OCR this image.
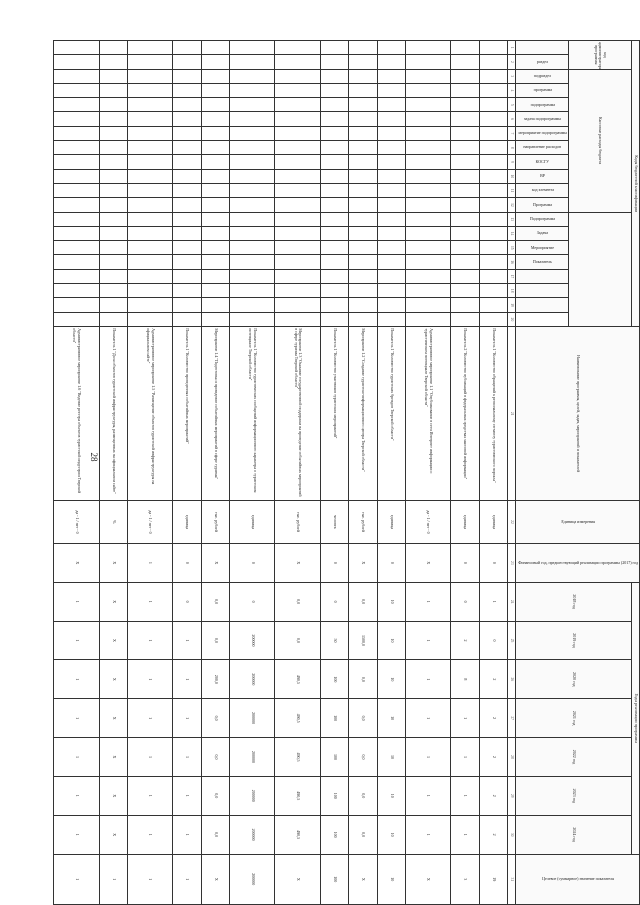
28
Коды бюджетной классификации																				Наименование программы, целей, задач, мероприятий и показателей	Единица измерения	Финансовый год, предшествующий реализации программы (2017) год	Годы реализации программы							Целевое (суммарное) значение показателя
код администратора программы		Кассовые расходы бюджета																					2018 год	2019 год	2020 год	2021 год	2022 год	2023 год	2024 год	
	раздел	подраздел	программа	подпрограмма	задача подпрограммы	мероприятие подпрограммы	направление расходов	КОСГУ	ВР	код элемента	Программа	Подпрограмма	Задача	Мероприятие	Показатель															
1	2	3	4	5	6	7	8	9	10	11	12	13	14	15	16	17	18	19	20	21	22	23	24	25	26	27	28	29	30	31
																				Показатель 1 "Количество обращений к региональному сегменту туристического портала"	единица	0	1	0	2	2	2	2	2	19
																				Показатель 2 "Количество публикаций в федеральных средствах массовой информации"	единица	0	0	2	8	1	1	1	1	3
																				Административное мероприятие 1.1 "Опубликование в сети Интернет информации о туристическом потенциале Тверской области"	да - 1 / нет - 0	Х	1	1	1	1	1	1	1	Х
																				Показатель 1 "Количество туристских брендов Тверской области"	единица	0	10	10	10	10	10	10	10	10
																				Мероприятие 1.2 "Создание туристско-информационного центра Тверской области"	тыс. рублей	Х	0,0	1500,0	0,0	0,0	0,0	0,0	0,0	Х
																				Показатель 1 "Количество участников туристских мероприятий"	человек	0	0	50	100	100	100	100	100	100
																				Мероприятие 1.3 "Оказание государственной поддержки на проведение событийных мероприятий в сфере туризма Тверской области"	тыс. рублей	Х	0,0	0,0	490,5	490,5	490,5	490,5	490,5	Х
																				Показатель 1 "Количество туристических сообщений информационного характера о туристском потенциале Тверской области"	единица	0	0	200000	200000	200000	200000	200000	200000	200000
																				Мероприятие 1.4 "Подготовка и проведение событийных мероприятий в сфере туризма"	тыс. рублей	Х	0,0	0,0	200,0	0,0	0,0	0,0	0,0	Х
																				Показатель 1 "Количество проведенных событийных мероприятий"	единица	0	0	1	1	1	1	1	1	1
																				Административное мероприятие 1.5 "Размещение объектов туристской инфраструктуры на официальном сайте"	да - 1 / нет - 0	1	1	1	1	1	1	1	1	1
																				Показатель 1 "Доля объектов туристской инфраструктуры, размещенных на официальном сайте"	%	Х	Х	Х	Х	Х	Х	Х	Х	1
																				Административное мероприятие 1.6 "Ведение реестра объектов туристской индустрии Тверской области"	да - 1 / нет - 0	Х	1	1	1	1	1	1	1	1
